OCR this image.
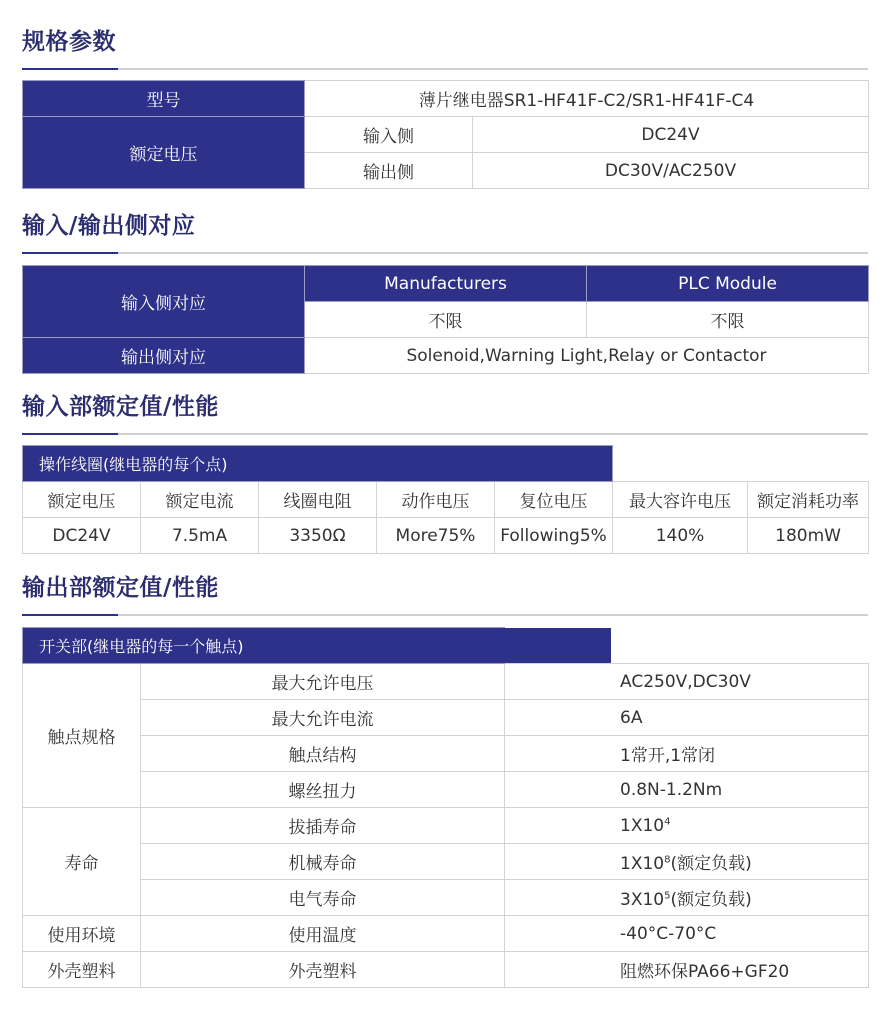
规格参数
型号	薄片继电器SR1-HF41F-C2/SR1-HF41F-C4	
额定电压	输入侧	DC24V
	输出侧	DC30V/AC250V
输入/输出侧对应
输入侧对应	Manufacturers	PLC Module
	不限	不限
输出侧对应	Solenoid,Warning Light,Relay or Contactor	
输入部额定值/性能
操作线圈(继电器的每个点)						
额定电压	额定电流	线圈电阻	动作电压	复位电压	最大容许电压	额定消耗功率
DC24V	7.5mA	3350Ω	More75%	Following5%	140%	180mW
输出部额定值/性能
开关部(继电器的每一个触点)		

触点规格	最大允许电压	AC250V,DC30V
	最大允许电流	6A
	触点结构	1常开,1常闭
	螺丝扭力	0.8N-1.2Nm
寿命	拔插寿命	$1X10^4$
	机械寿命	$1X10^8$(额定负载)
	电气寿命	$3X10^5$(额定负载)
使用环境	使用温度	-40°C-70°C
外壳塑料	外壳塑料	阻燃环保PA66+GF20
